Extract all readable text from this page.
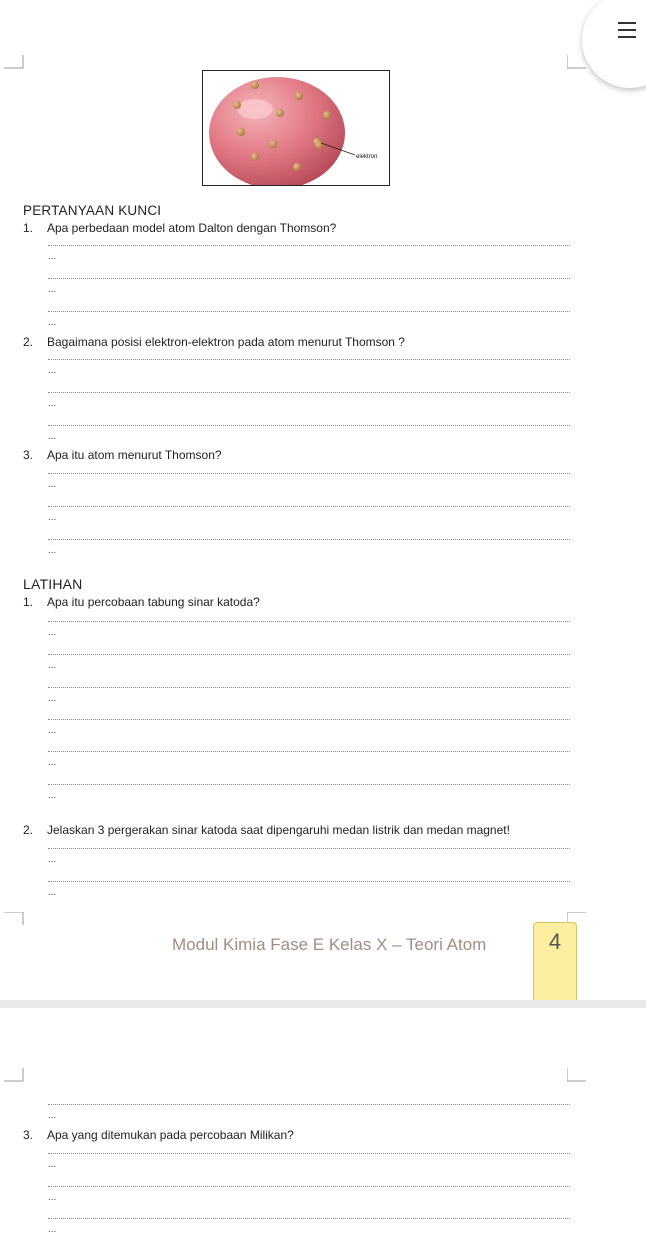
elektron
PERTANYAAN KUNCI
1. Apa perbedaan model atom Dalton dengan Thomson?
...
...
...
2. Bagaimana posisi elektron-elektron pada atom menurut Thomson ?
...
...
...
3. Apa itu atom menurut Thomson?
...
...
...
LATIHAN
1. Apa itu percobaan tabung sinar katoda?
...
...
...
...
...
...
2. Jelaskan 3 pergerakan sinar katoda saat dipengaruhi medan listrik dan medan magnet!
...
...
Modul Kimia Fase E Kelas X – Teori Atom	4
...
3. Apa yang ditemukan pada percobaan Milikan?
...
...
...
